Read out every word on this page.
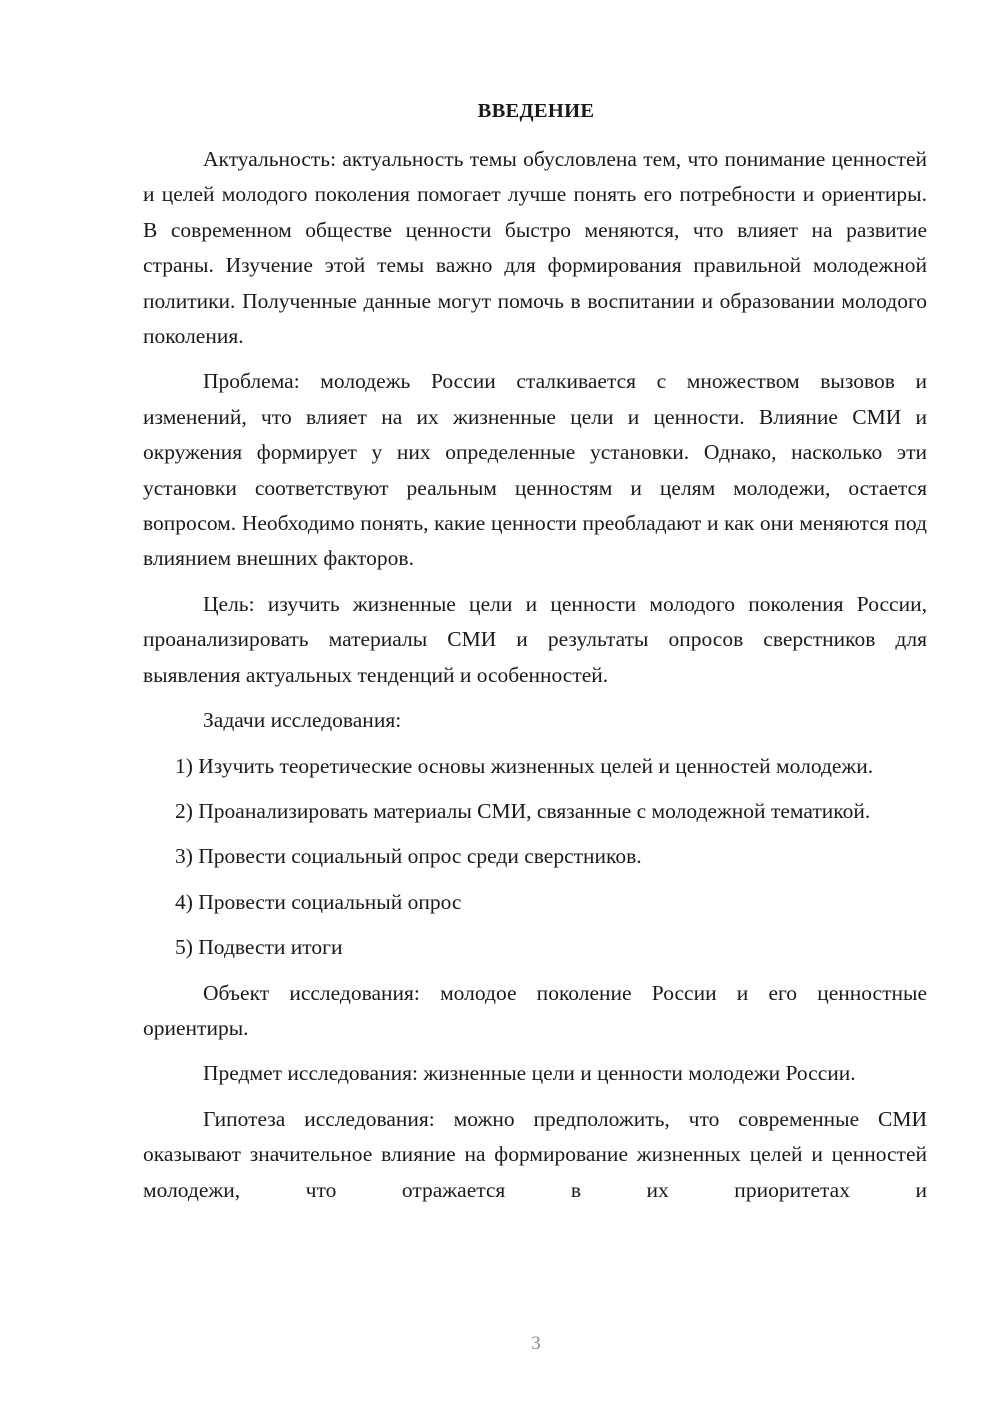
ВВЕДЕНИЕ

Актуальность: актуальность темы обусловлена тем, что понимание ценностей и целей молодого поколения помогает лучше понять его потребности и ориентиры. В современном обществе ценности быстро меняются, что влияет на развитие страны. Изучение этой темы важно для формирования правильной молодежной политики. Полученные данные могут помочь в воспитании и образовании молодого поколения.

Проблема: молодежь России сталкивается с множеством вызовов и изменений, что влияет на их жизненные цели и ценности. Влияние СМИ и окружения формирует у них определенные установки. Однако, насколько эти установки соответствуют реальным ценностям и целям молодежи, остается вопросом. Необходимо понять, какие ценности преобладают и как они меняются под влиянием внешних факторов.

Цель: изучить жизненные цели и ценности молодого поколения России, проанализировать материалы СМИ и результаты опросов сверстников для выявления актуальных тенденций и особенностей.

Задачи исследования:

1) Изучить теоретические основы жизненных целей и ценностей молодежи.

2) Проанализировать материалы СМИ, связанные с молодежной тематикой.

3) Провести социальный опрос среди сверстников.

4) Провести социальный опрос

5) Подвести итоги

Объект исследования: молодое поколение России и его ценностные ориентиры.

Предмет исследования: жизненные цели и ценности молодежи России.

Гипотеза исследования: можно предположить, что современные СМИ оказывают значительное влияние на формирование жизненных целей и ценностей молодежи, что отражается в их приоритетах и

3
